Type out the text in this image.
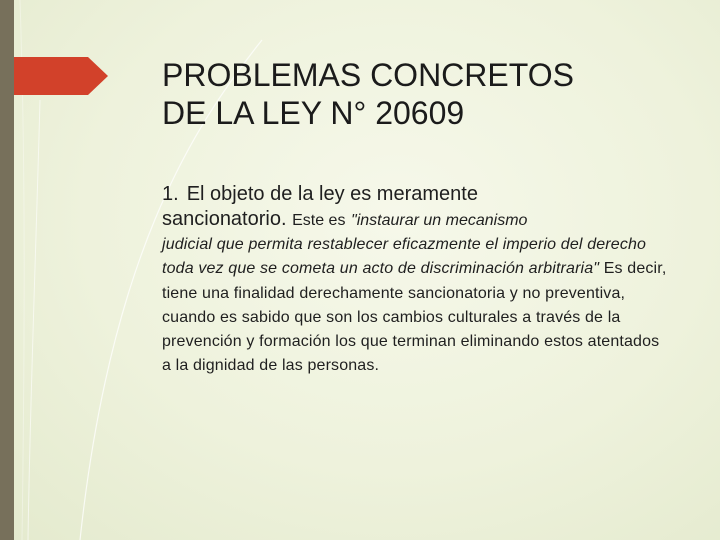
PROBLEMAS CONCRETOS
DE LA LEY N° 20609
1. El objeto de la ley es meramente
sancionatorio. Este es "instaurar un mecanismo
judicial que permita restablecer eficazmente el imperio del derecho toda vez que se cometa un acto de discriminación arbitraria" Es decir, tiene una finalidad derechamente sancionatoria y no preventiva, cuando es sabido que son los cambios culturales a través de la prevención y formación los que terminan eliminando estos atentados a la dignidad de las personas.
